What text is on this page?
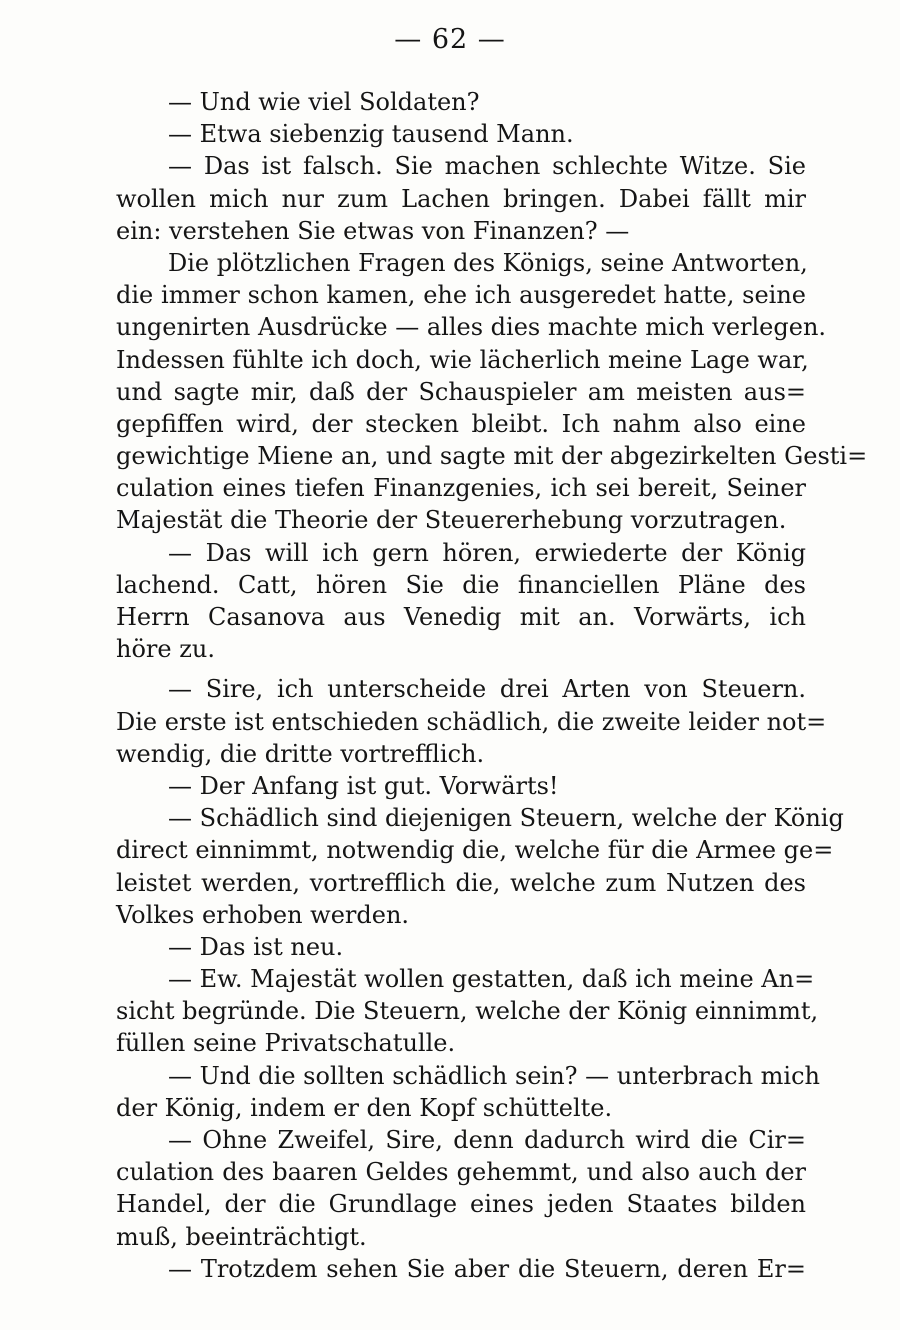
— 62 —
— Und wie viel Soldaten?
— Etwa siebenzig tausend Mann.
— Das ist falsch. Sie machen schlechte Witze. Sie
wollen mich nur zum Lachen bringen. Dabei fällt mir
ein: verstehen Sie etwas von Finanzen? —
Die plötzlichen Fragen des Königs, seine Antworten,
die immer schon kamen, ehe ich ausgeredet hatte, seine
ungenirten Ausdrücke — alles dies machte mich verlegen.
Indessen fühlte ich doch, wie lächerlich meine Lage war,
und sagte mir, daß der Schauspieler am meisten aus=
gepfiffen wird, der stecken bleibt. Ich nahm also eine
gewichtige Miene an, und sagte mit der abgezirkelten Gesti=
culation eines tiefen Finanzgenies, ich sei bereit, Seiner
Majestät die Theorie der Steuererhebung vorzutragen.
— Das will ich gern hören, erwiederte der König
lachend. Catt, hören Sie die financiellen Pläne des
Herrn Casanova aus Venedig mit an. Vorwärts, ich
höre zu.
— Sire, ich unterscheide drei Arten von Steuern.
Die erste ist entschieden schädlich, die zweite leider not=
wendig, die dritte vortrefflich.
— Der Anfang ist gut. Vorwärts!
— Schädlich sind diejenigen Steuern, welche der König
direct einnimmt, notwendig die, welche für die Armee ge=
leistet werden, vortrefflich die, welche zum Nutzen des
Volkes erhoben werden.
— Das ist neu.
— Ew. Majestät wollen gestatten, daß ich meine An=
sicht begründe. Die Steuern, welche der König einnimmt,
füllen seine Privatschatulle.
— Und die sollten schädlich sein? — unterbrach mich
der König, indem er den Kopf schüttelte.
— Ohne Zweifel, Sire, denn dadurch wird die Cir=
culation des baaren Geldes gehemmt, und also auch der
Handel, der die Grundlage eines jeden Staates bilden
muß, beeinträchtigt.
— Trotzdem sehen Sie aber die Steuern, deren Er=
